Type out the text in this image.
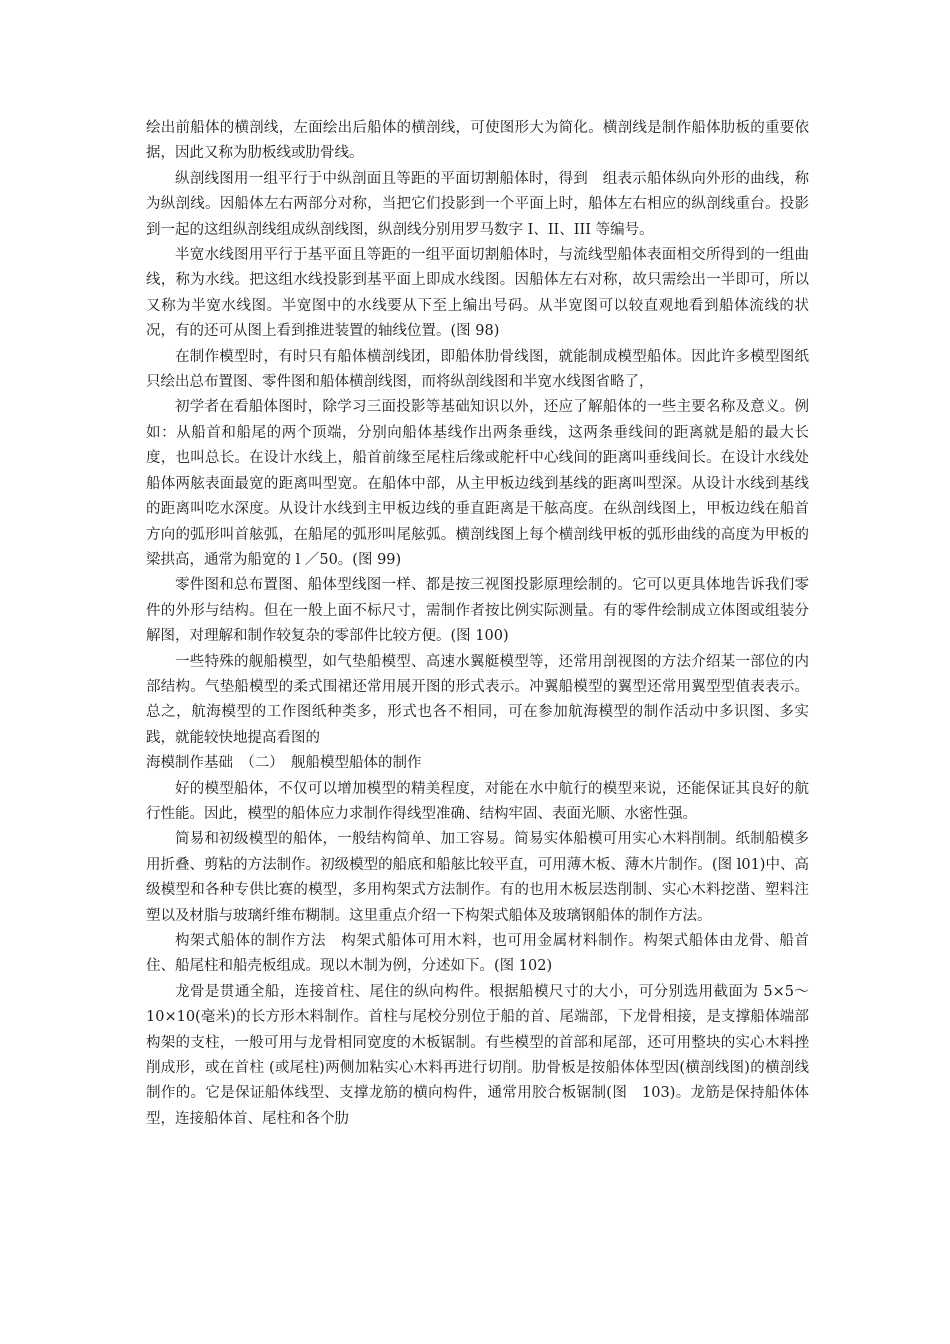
绘出前船体的横剖线，左面绘出后船体的横剖线，可使图形大为简化。横剖线是制作船体肋板的重要依据，因此又称为肋板线或肋骨线。

纵剖线图用一组平行于中纵剖面且等距的平面切割船体时，得到　组表示船体纵向外形的曲线，称为纵剖线。因船体左右两部分对称，当把它们投影到一个平面上时，船体左右相应的纵剖线重台。投影到一起的这组纵剖线组成纵剖线图，纵剖线分别用罗马数字 I、II、III 等编号。

半宽水线图用平行于基平面且等距的一组平面切割船体时，与流线型船体表面相交所得到的一组曲线，称为水线。把这组水线投影到基平面上即成水线图。因船体左右对称，故只需绘出一半即可，所以又称为半宽水线图。半宽图中的水线要从下至上编出号码。从半宽图可以较直观地看到船体流线的状况，有的还可从图上看到推进装置的轴线位置。(图 98)

在制作模型时，有时只有船体横剖线团，即船体肋骨线图，就能制成模型船体。因此许多模型图纸只绘出总布置图、零件图和船体横剖线图，而将纵剖线图和半宽水线图省略了，

初学者在看船体图时，除学习三面投影等基础知识以外，还应了解船体的一些主要名称及意义。例如：从船首和船尾的两个顶端，分别向船体基线作出两条垂线，这两条垂线间的距离就是船的最大长度，也叫总长。在设计水线上，船首前缘至尾柱后缘或舵杆中心线间的距离叫垂线间长。在设计水线处船体两舷表面最宽的距离叫型宽。在船体中部，从主甲板边线到基线的距离叫型深。从设计水线到基线的距离叫吃水深度。从设计水线到主甲板边线的垂直距离是干舷高度。在纵剖线图上，甲板边线在船首方向的弧形叫首舷弧，在船尾的弧形叫尾舷弧。横剖线图上每个横剖线甲板的弧形曲线的高度为甲板的梁拱高，通常为船宽的 l ／50。(图 99)

零件图和总布置图、船体型线图一样、都是按三视图投影原理绘制的。它可以更具体地告诉我们零件的外形与结构。但在一般上面不标尺寸，需制作者按比例实际测量。有的零件绘制成立体图或组装分解图，对理解和制作较复杂的零部件比较方便。(图 100)

一些特殊的舰船模型，如气垫船模型、高速水翼艇模型等，还常用剖视图的方法介绍某一部位的内部结构。气垫船模型的柔式围裙还常用展开图的形式表示。冲翼船模型的翼型还常用翼型型值表表示。总之，航海模型的工作图纸种类多，形式也各不相同，可在参加航海模型的制作活动中多识图、多实践，就能较快地提高看图的

海模制作基础　（二）　舰船模型船体的制作

好的模型船体，不仅可以增加模型的精美程度，对能在水中航行的模型来说，还能保证其良好的航行性能。因此，模型的船体应力求制作得线型准确、结构牢固、表面光顺、水密性强。

简易和初级模型的船体，一般结构简单、加工容易。简易实体船模可用实心木料削制。纸制船模多用折叠、剪粘的方法制作。初级模型的船底和船舷比较平直，可用薄木板、薄木片制作。(图 l01)中、高级模型和各种专供比赛的模型，多用构架式方法制作。有的也用木板层迭削制、实心木料挖凿、塑料注塑以及材脂与玻璃纤维布糊制。这里重点介绍一下构架式船体及玻璃钢船体的制作方法。

构架式船体的制作方法　构架式船体可用木料，也可用金属材料制作。构架式船体由龙骨、船首住、船尾柱和船壳板组成。现以木制为例，分述如下。(图 102)

龙骨是贯通全船，连接首柱、尾住的纵向构件。根据船模尺寸的大小，可分别选用截面为 5×5～10×10(毫米)的长方形木料制作。首柱与尾校分别位于船的首、尾端部，下龙骨相接，是支撑船体端部构架的支柱，一般可用与龙骨相同宽度的木板锯制。有些模型的首部和尾部，还可用整块的实心木料挫削成形，或在首柱 (或尾柱)两侧加粘实心木料再进行切削。肋骨板是按船体体型因(横剖线图)的横剖线制作的。它是保证船体线型、支撑龙筋的横向构件，通常用胶合板锯制(图　103)。龙筋是保持船体体型，连接船体首、尾柱和各个肋
